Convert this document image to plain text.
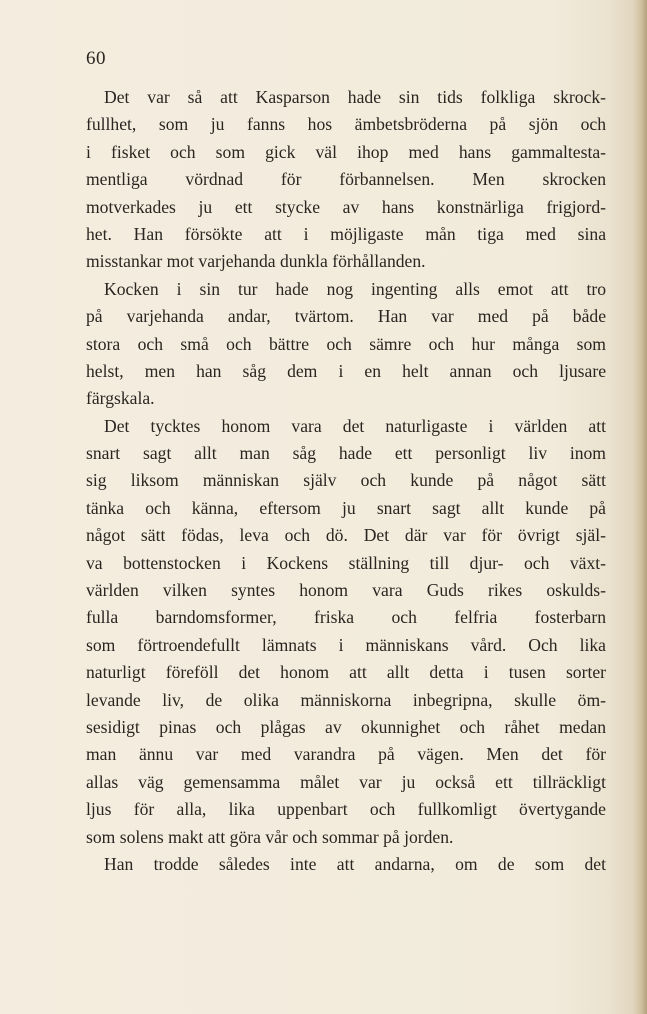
60
Det var så att Kasparson hade sin tids folkliga skrock-
fullhet, som ju fanns hos ämbetsbröderna på sjön och
i fisket och som gick väl ihop med hans gammaltesta-
mentliga vördnad för förbannelsen. Men skrocken
motverkades ju ett stycke av hans konstnärliga frigjord-
het. Han försökte att i möjligaste mån tiga med sina
misstankar mot varjehanda dunkla förhållanden.
Kocken i sin tur hade nog ingenting alls emot att tro
på varjehanda andar, tvärtom. Han var med på både
stora och små och bättre och sämre och hur många som
helst, men han såg dem i en helt annan och ljusare
färgskala.
Det tycktes honom vara det naturligaste i världen att
snart sagt allt man såg hade ett personligt liv inom
sig liksom människan själv och kunde på något sätt
tänka och känna, eftersom ju snart sagt allt kunde på
något sätt födas, leva och dö. Det där var för övrigt själ-
va bottenstocken i Kockens ställning till djur- och växt-
världen vilken syntes honom vara Guds rikes oskulds-
fulla barndomsformer, friska och felfria fosterbarn
som förtroendefullt lämnats i människans vård. Och lika
naturligt föreföll det honom att allt detta i tusen sorter
levande liv, de olika människorna inbegripna, skulle öm-
sesidigt pinas och plågas av okunnighet och råhet medan
man ännu var med varandra på vägen. Men det för
allas väg gemensamma målet var ju också ett tillräckligt
ljus för alla, lika uppenbart och fullkomligt övertygande
som solens makt att göra vår och sommar på jorden.
Han trodde således inte att andarna, om de som det
